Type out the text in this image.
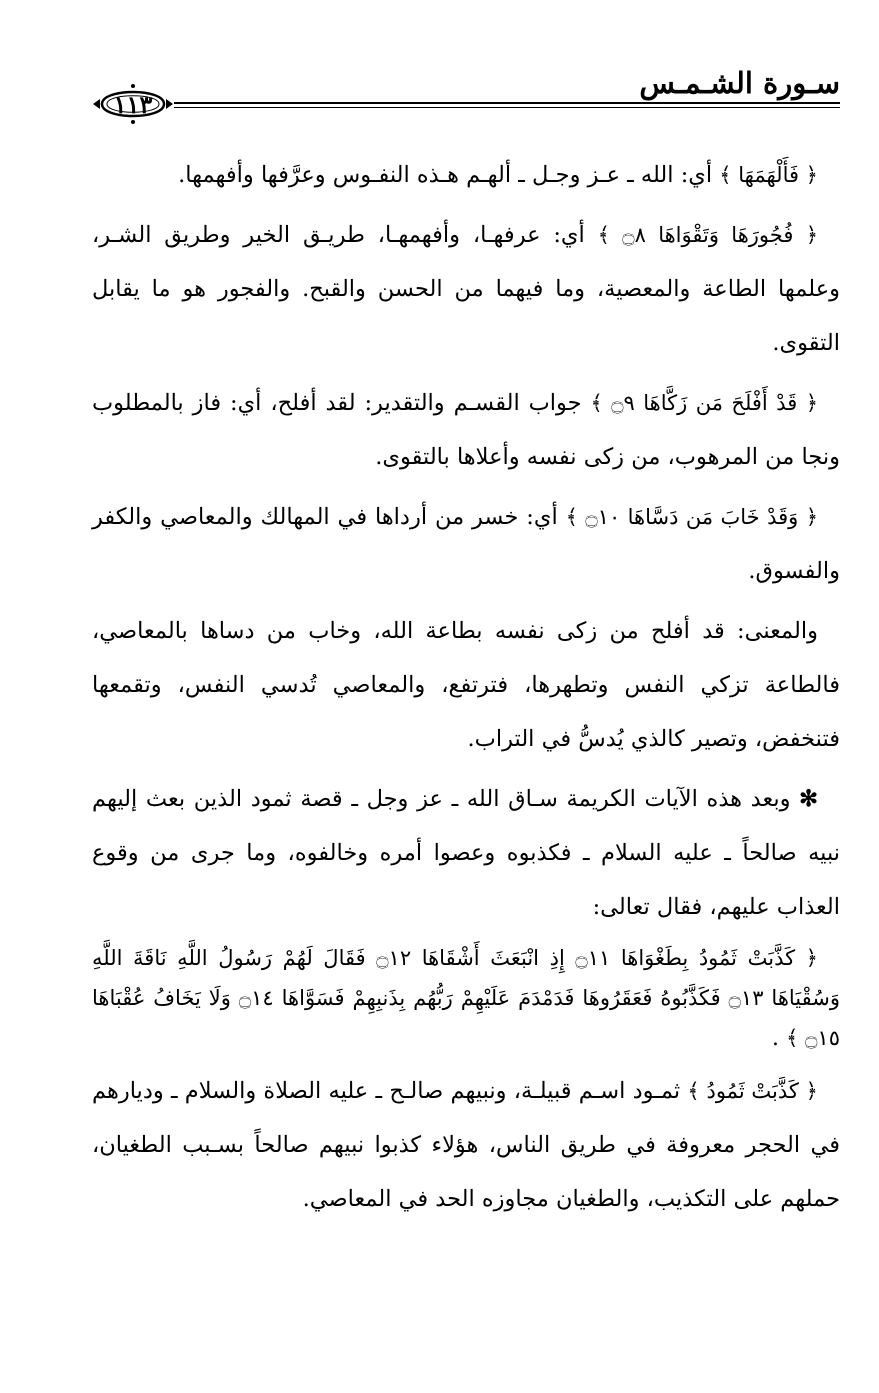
١١٣
سـورة الشـمـس

﴿ فَأَلْهَمَهَا ﴾ أي: الله ـ عـز وجـل ـ ألهـم هـذه النفـوس وعرَّفها وأفهمها.

﴿ فُجُورَهَا وَتَقْوَاهَا ۝٨ ﴾ أي: عرفهـا، وأفهمهـا، طريـق الخير وطريق الشـر، وعلمها الطاعة والمعصية، وما فيهما من الحسن والقبح. والفجور هو ما يقابل التقوى.

﴿ قَدْ أَفْلَحَ مَن زَكَّاهَا ۝٩ ﴾ جواب القسـم والتقدير: لقد أفلح، أي: فاز بالمطلوب ونجا من المرهوب، من زكى نفسه وأعلاها بالتقوى.

﴿ وَقَدْ خَابَ مَن دَسَّاهَا ۝١٠ ﴾ أي: خسر من أرداها في المهالك والمعاصي والكفر والفسوق.

والمعنى: قد أفلح من زكى نفسه بطاعة الله، وخاب من دساها بالمعاصي، فالطاعة تزكي النفس وتطهرها، فترتفع، والمعاصي تُدسي النفس، وتقمعها فتنخفض، وتصير كالذي يُدسُّ في التراب.

✻ وبعد هذه الآيات الكريمة سـاق الله ـ عز وجل ـ قصة ثمود الذين بعث إليهم نبيه صالحاً ـ عليه السلام ـ فكذبوه وعصوا أمره وخالفوه، وما جرى من وقوع العذاب عليهم، فقال تعالى:

﴿ كَذَّبَتْ ثَمُودُ بِطَغْوَاهَا ۝١١ إِذِ انْبَعَثَ أَشْقَاهَا ۝١٢ فَقَالَ لَهُمْ رَسُولُ اللَّهِ نَاقَةَ اللَّهِ وَسُقْيَاهَا ۝١٣ فَكَذَّبُوهُ فَعَقَرُوهَا فَدَمْدَمَ عَلَيْهِمْ رَبُّهُم بِذَنبِهِمْ فَسَوَّاهَا ۝١٤ وَلَا يَخَافُ عُقْبَاهَا ۝١٥ ﴾ .

﴿ كَذَّبَتْ ثَمُودُ ﴾ ثمـود اسـم قبيلـة، ونبيهم صالـح ـ عليه الصلاة والسلام ـ وديارهم في الحجر معروفة في طريق الناس، هؤلاء كذبوا نبيهم صالحاً بسـبب الطغيان، حملهم على التكذيب، والطغيان مجاوزه الحد في المعاصي.
